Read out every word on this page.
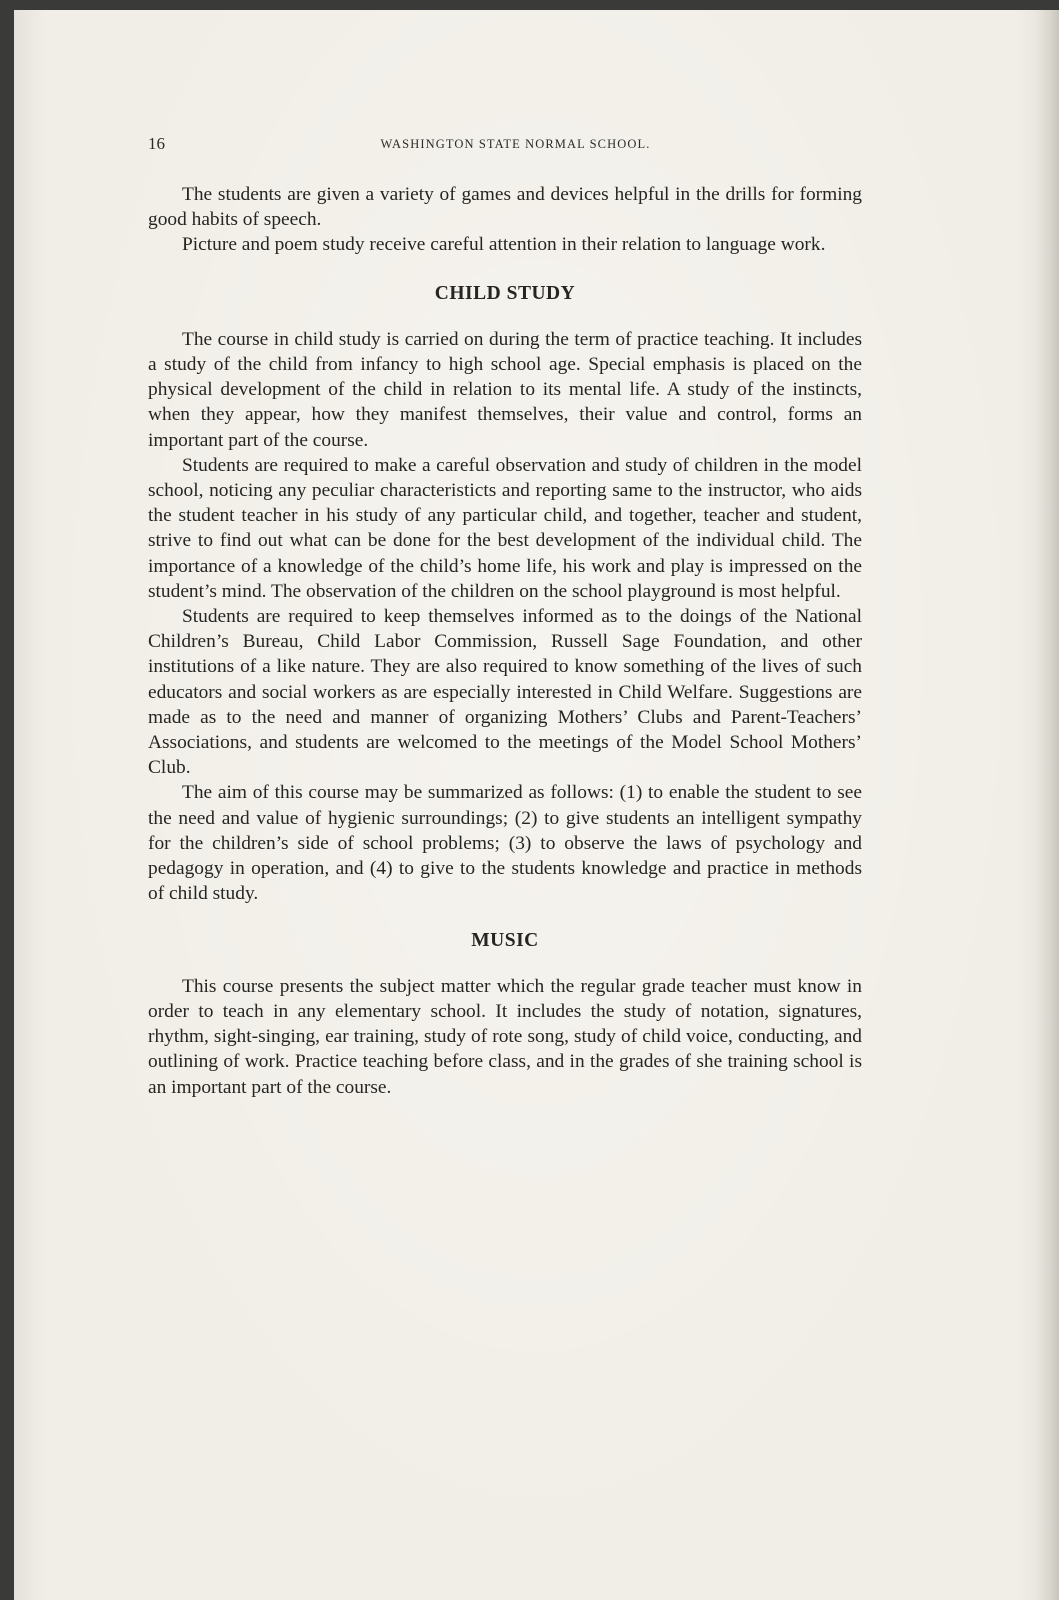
16	WASHINGTON STATE NORMAL SCHOOL.

The students are given a variety of games and devices helpful in the drills for forming good habits of speech.

Picture and poem study receive careful attention in their relation to language work.

CHILD STUDY

The course in child study is carried on during the term of practice teaching. It includes a study of the child from infancy to high school age. Special emphasis is placed on the physical development of the child in relation to its mental life. A study of the instincts, when they appear, how they manifest themselves, their value and control, forms an important part of the course.

Students are required to make a careful observation and study of children in the model school, noticing any peculiar characteristicts and reporting same to the instructor, who aids the student teacher in his study of any particular child, and together, teacher and student, strive to find out what can be done for the best development of the individual child. The importance of a knowledge of the child’s home life, his work and play is impressed on the student’s mind. The observation of the children on the school playground is most helpful.

Students are required to keep themselves informed as to the doings of the National Children’s Bureau, Child Labor Commission, Russell Sage Foundation, and other institutions of a like nature. They are also required to know something of the lives of such educators and social workers as are especially interested in Child Welfare. Suggestions are made as to the need and manner of organizing Mothers’ Clubs and Parent-Teachers’ Associations, and students are welcomed to the meetings of the Model School Mothers’ Club.

The aim of this course may be summarized as follows: (1) to enable the student to see the need and value of hygienic surroundings; (2) to give students an intelligent sympathy for the children’s side of school problems; (3) to observe the laws of psychology and pedagogy in operation, and (4) to give to the students knowledge and practice in methods of child study.

MUSIC

This course presents the subject matter which the regular grade teacher must know in order to teach in any elementary school. It includes the study of notation, signatures, rhythm, sight-singing, ear training, study of rote song, study of child voice, conducting, and outlining of work. Practice teaching before class, and in the grades of she training school is an important part of the course.
